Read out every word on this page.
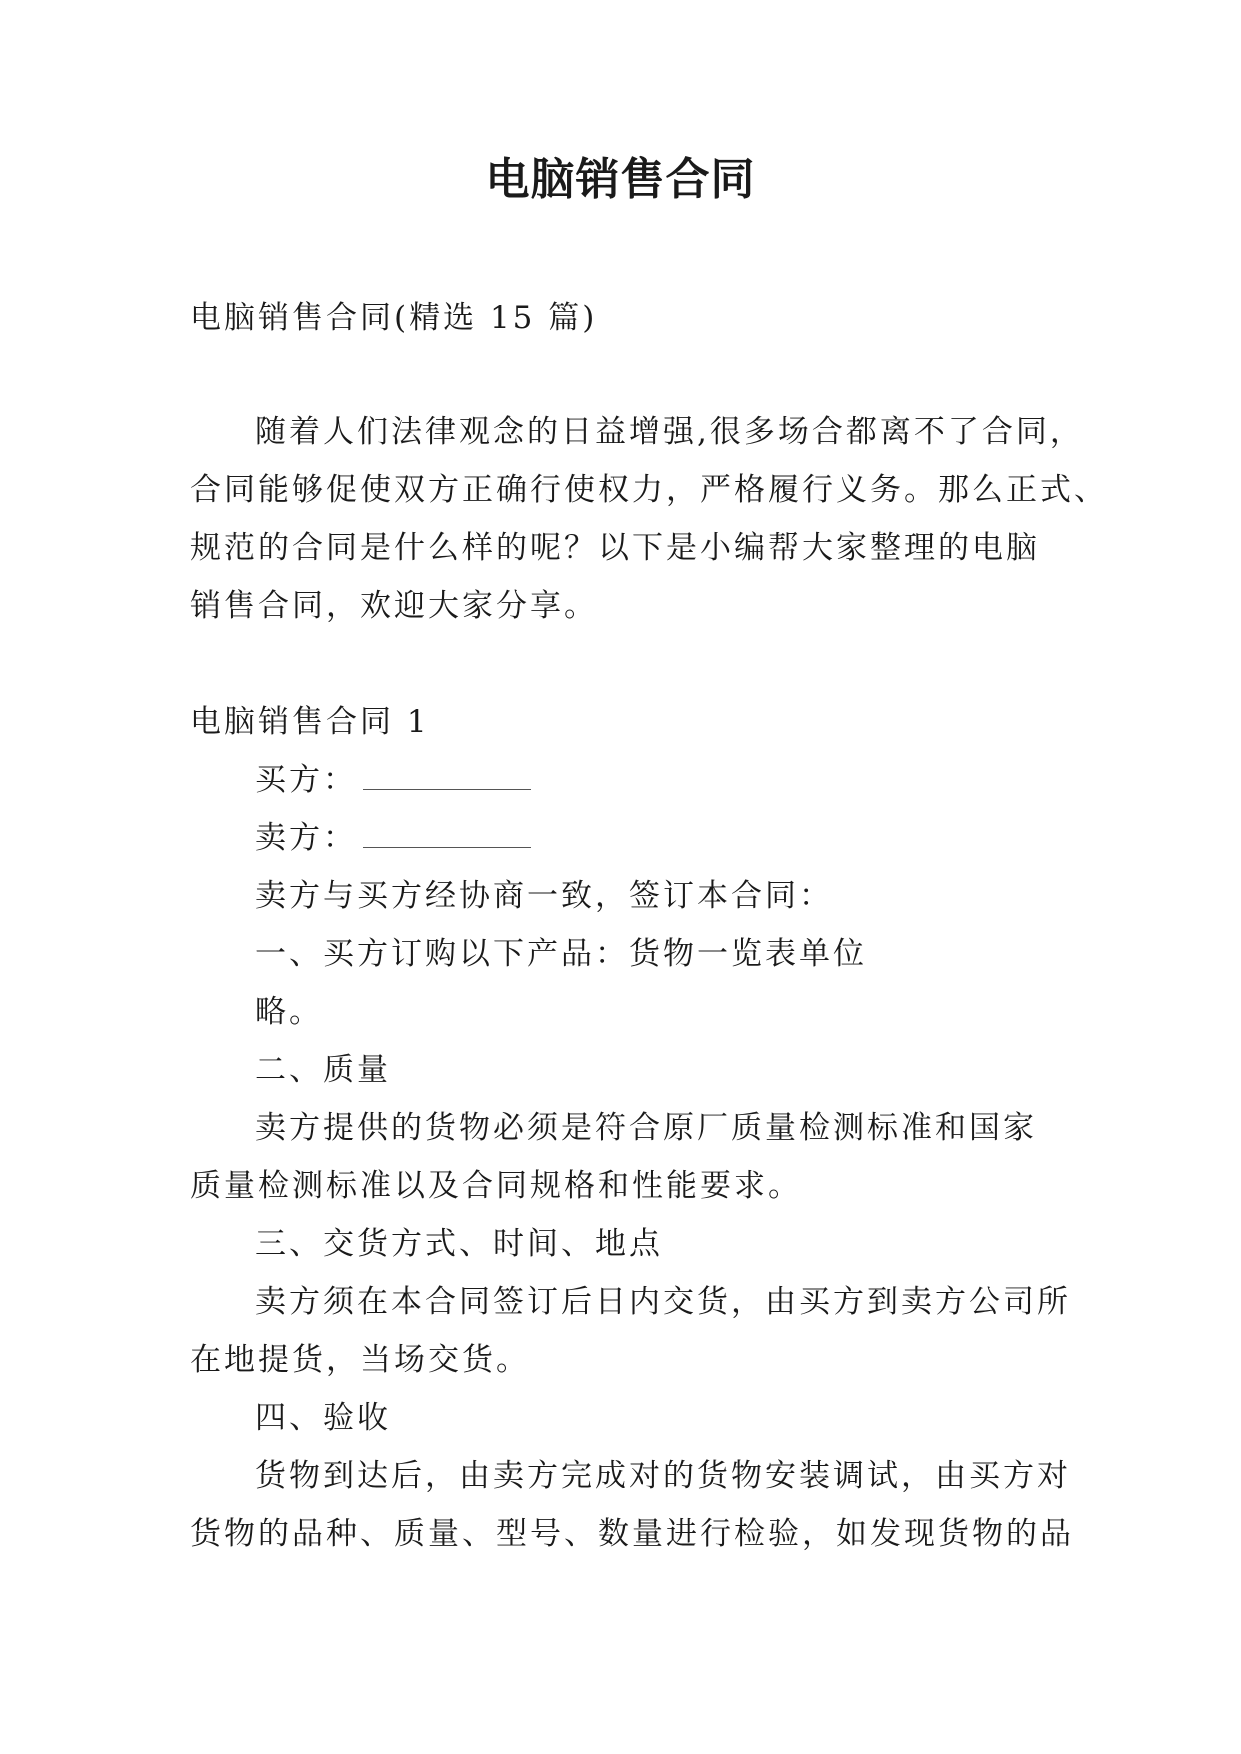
电脑销售合同
电脑销售合同(精选 15 篇)
随着人们法律观念的日益增强,很多场合都离不了合同，
合同能够促使双方正确行使权力，严格履行义务。那么正式、
规范的合同是什么样的呢？以下是小编帮大家整理的电脑
销售合同，欢迎大家分享。
电脑销售合同 1
买方：
卖方：
卖方与买方经协商一致，签订本合同：
一、买方订购以下产品：货物一览表单位
略。
二、质量
卖方提供的货物必须是符合原厂质量检测标准和国家
质量检测标准以及合同规格和性能要求。
三、交货方式、时间、地点
卖方须在本合同签订后日内交货，由买方到卖方公司所
在地提货，当场交货。
四、验收
货物到达后，由卖方完成对的货物安装调试，由买方对
货物的品种、质量、型号、数量进行检验，如发现货物的品
